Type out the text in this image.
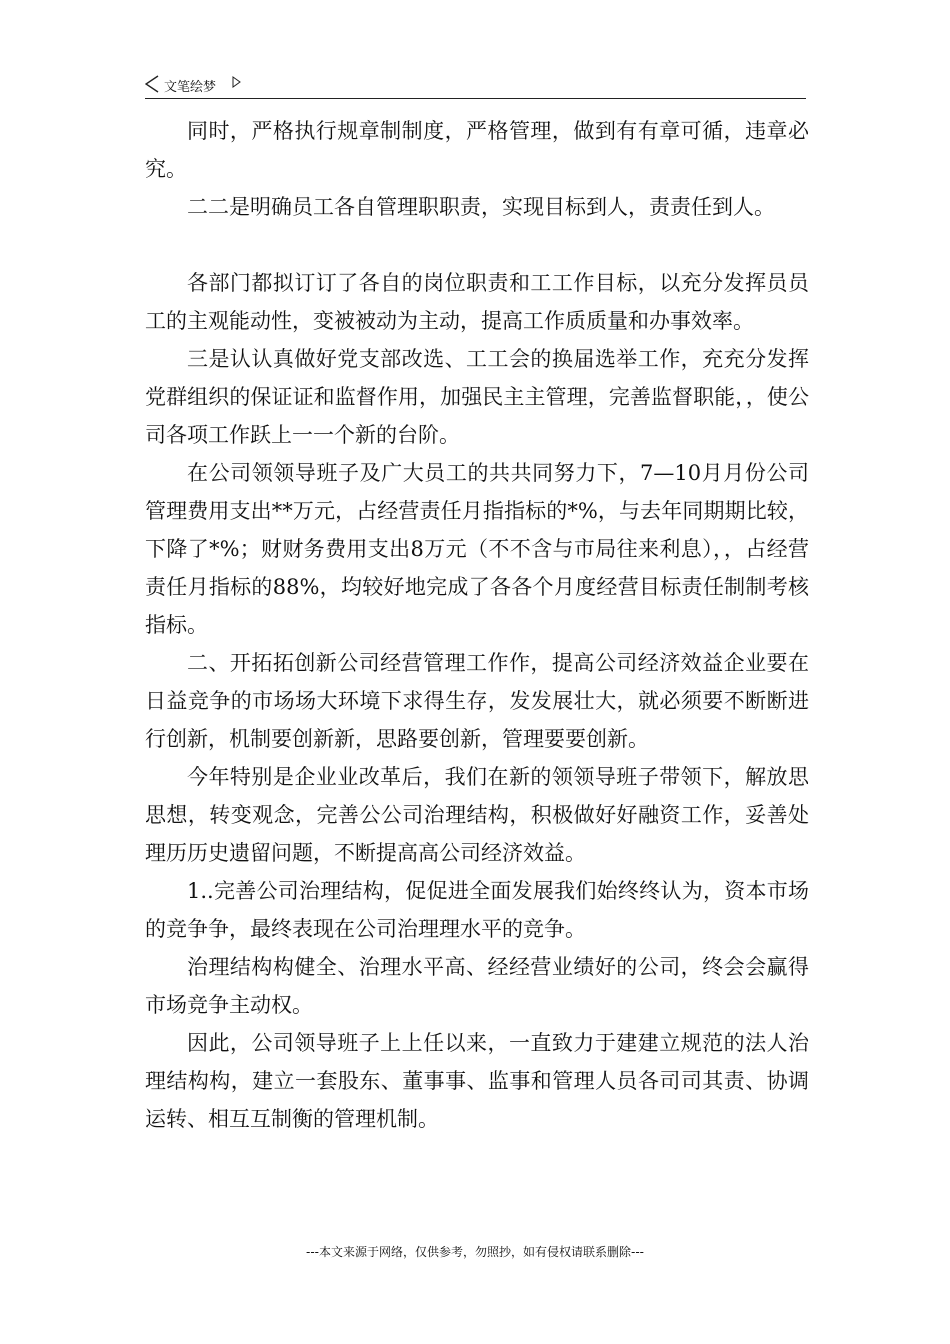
文笔绘梦

同时，严格执行规章制制度，严格管理，做到有有章可循，违章必究。

二二是明确员工各自管理职职责，实现目标到人，责责任到人。

各部门都拟订订了各自的岗位职责和工工作目标，以充分发挥员员工的主观能动性，变被被动为主动，提高工作质质量和办事效率。

三是认认真做好党支部改选、工工会的换届选举工作，充充分发挥党群组织的保证证和监督作用，加强民主主管理，完善监督职能，，使公司各项工作跃上一一个新的台阶。

在公司领领导班子及广大员工的共共同努力下，7—10月月份公司管理费用支出**万元，占经营责任月指指标的*%，与去年同期期比较，下降了*%；财财务费用支出8万元（不不含与市局往来利息），，占经营责任月指标的88%，均较好地完成了各各个月度经营目标责任制制考核指标。

二、开拓拓创新公司经营管理工作作，提高公司经济效益企业要在日益竞争的市场场大环境下求得生存，发发展壮大，就必须要不断断进行创新，机制要创新新，思路要创新，管理要要创新。

今年特别是企业业改革后，我们在新的领领导班子带领下，解放思思想，转变观念，完善公公司治理结构，积极做好好融资工作，妥善处理历历史遗留问题，不断提高高公司经济效益。

1..完善公司治理结构，促促进全面发展我们始终终认为，资本市场的竞争争，最终表现在公司治理理水平的竞争。

治理结构构健全、治理水平高、经经营业绩好的公司，终会会赢得市场竞争主动权。

因此，公司领导班子上上任以来，一直致力于建建立规范的法人治理结构构，建立一套股东、董事事、监事和管理人员各司司其责、协调运转、相互互制衡的管理机制。

---本文来源于网络，仅供参考，勿照抄，如有侵权请联系删除---
